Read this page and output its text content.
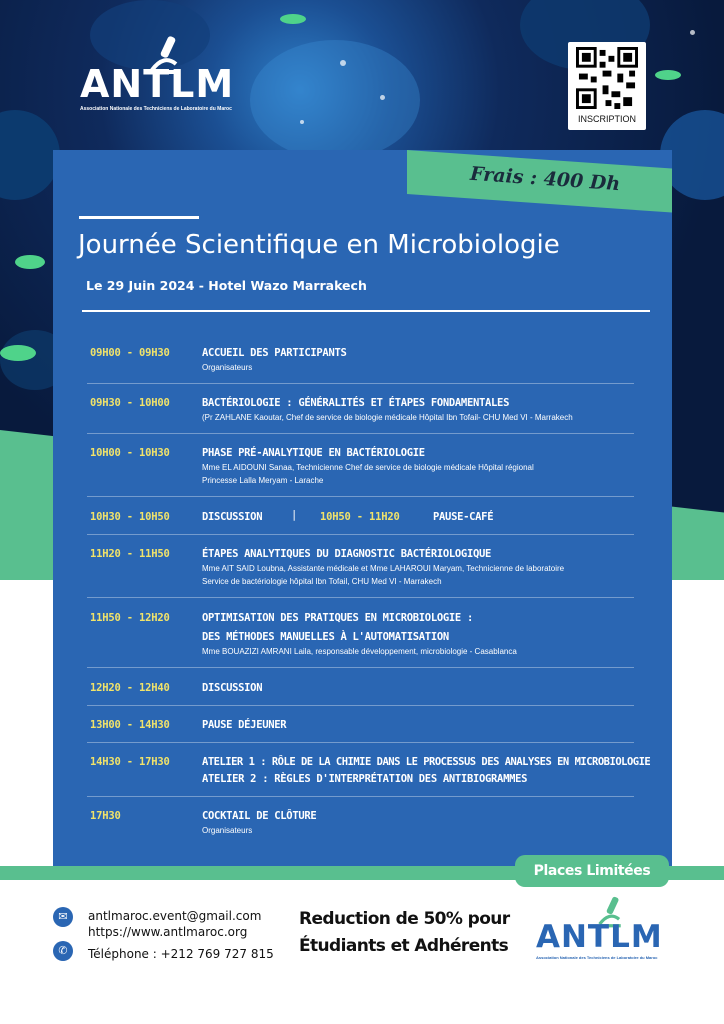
ANTLM
Association Nationale des Techniciens de Laboratoire du Maroc
INSCRIPTION
Frais : 400 Dh
Journée Scientifique en Microbiologie
Le 29 Juin 2024 - Hotel Wazo Marrakech
09H00 - 09H30	ACCUEIL DES PARTICIPANTS
Organisateurs
09H30 - 10H00	BACTÉRIOLOGIE : GÉNÉRALITÉS ET ÉTAPES FONDAMENTALES
(Pr ZAHLANE Kaoutar, Chef de service de biologie médicale Hôpital Ibn Tofail- CHU Med VI - Marrakech
10H00 - 10H30	PHASE PRÉ-ANALYTIQUE EN BACTÉRIOLOGIE
Mme EL AIDOUNI Sanaa, Technicienne Chef de service de biologie médicale Hôpital régional
Princesse Lalla Meryam - Larache
10H30 - 10H50	DISCUSSION	| 10H50 - 11H20	PAUSE-CAFÉ
11H20 - 11H50	ÉTAPES ANALYTIQUES DU DIAGNOSTIC BACTÉRIOLOGIQUE
Mme AIT SAID Loubna, Assistante médicale et Mme LAHAROUI Maryam, Technicienne de laboratoire
Service de bactériologie hôpital Ibn Tofail, CHU Med VI - Marrakech
11H50 - 12H20	OPTIMISATION DES PRATIQUES EN MICROBIOLOGIE :
DES MÉTHODES MANUELLES À L'AUTOMATISATION
Mme BOUAZIZI AMRANI Laila, responsable développement, microbiologie - Casablanca
12H20 - 12H40	DISCUSSION
13H00 - 14H30	PAUSE DÉJEUNER
14H30 - 17H30	ATELIER 1 : RÔLE DE LA CHIMIE DANS LE PROCESSUS DES ANALYSES EN MICROBIOLOGIE
ATELIER 2 : RÈGLES D'INTERPRÉTATION DES ANTIBIOGRAMMES
17H30	COCKTAIL DE CLÔTURE
Organisateurs
Places Limitées
✉	antlmaroc.event@gmail.com
https://www.antlmaroc.org
✆	Téléphone : +212 769 727 815
Reduction de 50% pour
Étudiants et Adhérents ANTLM
Association Nationale des Techniciens de Laboratoire du Maroc
